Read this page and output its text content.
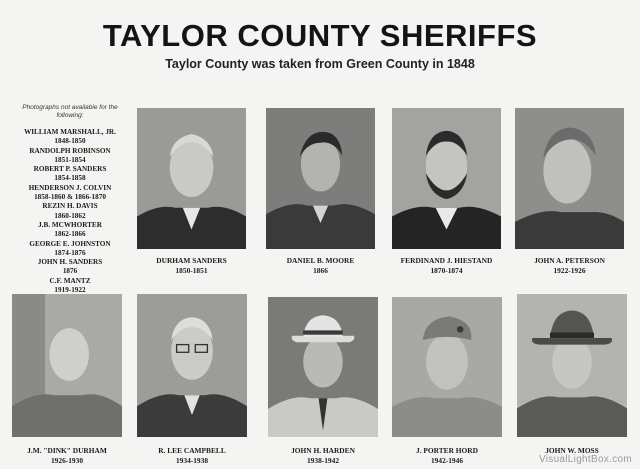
TAYLOR COUNTY SHERIFFS
Taylor County was taken from Green County in 1848
Photographs not available for the following:
WILLIAM MARSHALL, JR.
1848-1850
RANDOLPH ROBINSON
1851-1854
ROBERT P. SANDERS
1854-1858
HENDERSON J. COLVIN
1858-1860 & 1866-1870
REZIN H. DAVIS
1860-1862
J.B. MCWHORTER
1862-1866
GEORGE E. JOHNSTON
1874-1876
JOHN H. SANDERS
1876
C.F. MANTZ
1919-1922
DURHAM SANDERS
1850-1851
DANIEL B. MOORE
1866
FERDINAND J. HIESTAND
1870-1874
JOHN A. PETERSON
1922-1926
J.M. "DINK" DURHAM
1926-1930
R. LEE CAMPBELL
1934-1938
JOHN H. HARDEN
1938-1942
J. PORTER HORD
1942-1946
JOHN W. MOSS
VisualLightBox.com
